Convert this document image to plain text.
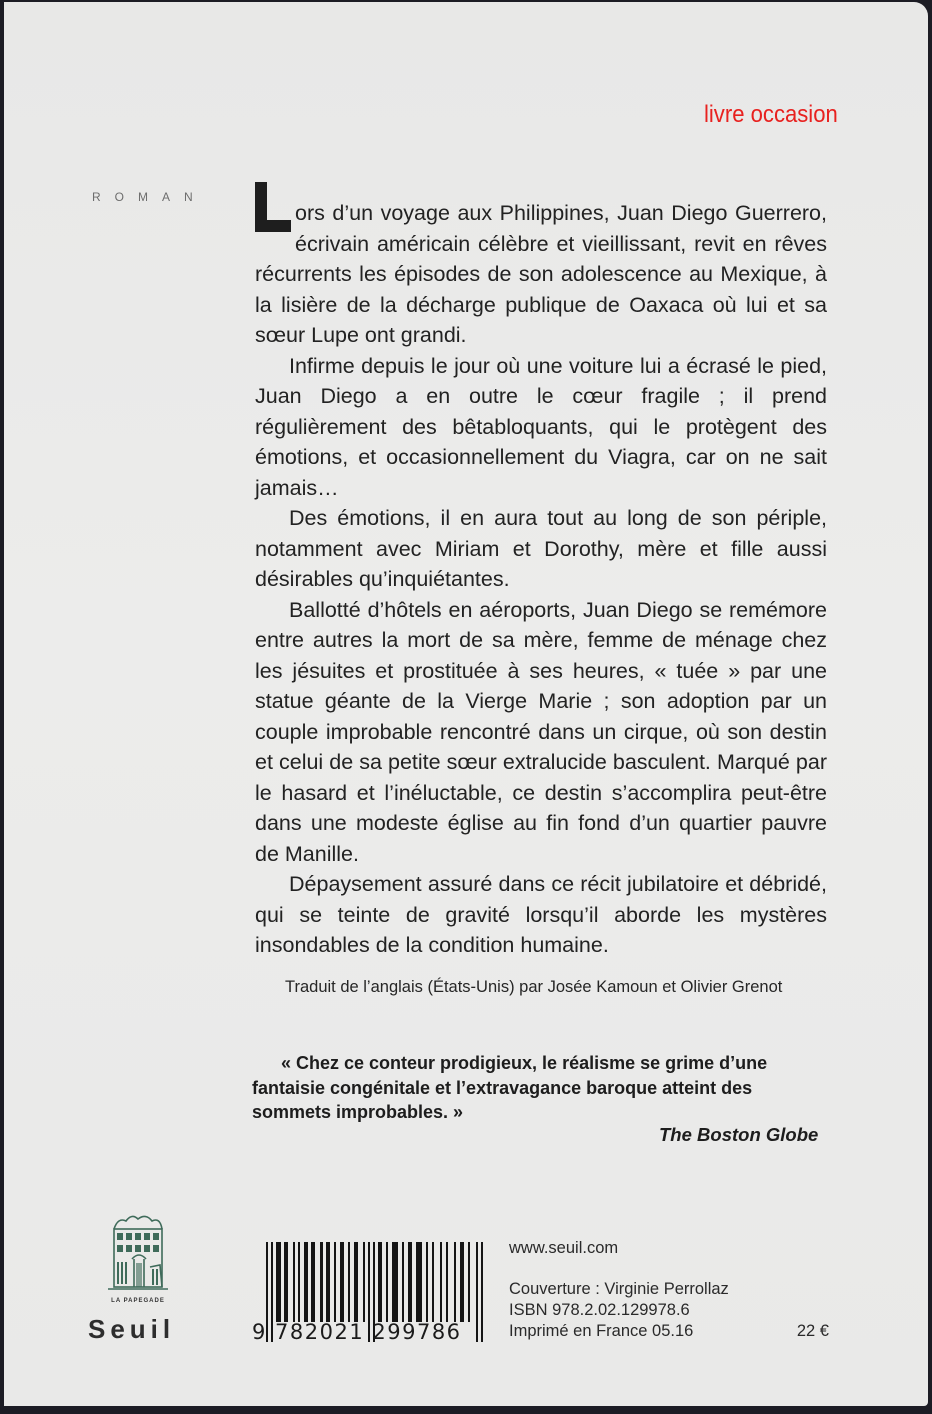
livre occasion
ROMAN

ors d’un voyage aux Philippines, Juan Diego Guerrero, écrivain américain célèbre et vieillissant, revit en rêves récurrents les épisodes de son adolescence au Mexique, à la lisière de la décharge publique de Oaxaca où lui et sa sœur Lupe ont grandi.

Infirme depuis le jour où une voiture lui a écrasé le pied, Juan Diego a en outre le cœur fragile ; il prend régulièrement des bêtabloquants, qui le protègent des émotions, et occasionnellement du Viagra, car on ne sait jamais…

Des émotions, il en aura tout au long de son périple, notamment avec Miriam et Dorothy, mère et fille aussi désirables qu’inquiétantes.

Ballotté d’hôtels en aéroports, Juan Diego se remémore entre autres la mort de sa mère, femme de ménage chez les jésuites et prostituée à ses heures, « tuée » par une statue géante de la Vierge Marie ; son adoption par un couple improbable rencontré dans un cirque, où son destin et celui de sa petite sœur extralucide basculent. Marqué par le hasard et l’inéluctable, ce destin s’accomplira peut-être dans une modeste église au fin fond d’un quartier pauvre de Manille.

Dépaysement assuré dans ce récit jubilatoire et débridé, qui se teinte de gravité lorsqu’il aborde les mystères insondables de la condition humaine.

Traduit de l’anglais (États-Unis) par Josée Kamoun et Olivier Grenot

« Chez ce conteur prodigieux, le réalisme se grime d’une fantaisie congénitale et l’extravagance baroque atteint des sommets improbables. »

The Boston Globe
LA PAPEGADE
Seuil	9 782021 299786
www.seuil.com
Couverture : Virginie Perrollaz
ISBN 978.2.02.129978.6
Imprimé en France 05.16	22 €
